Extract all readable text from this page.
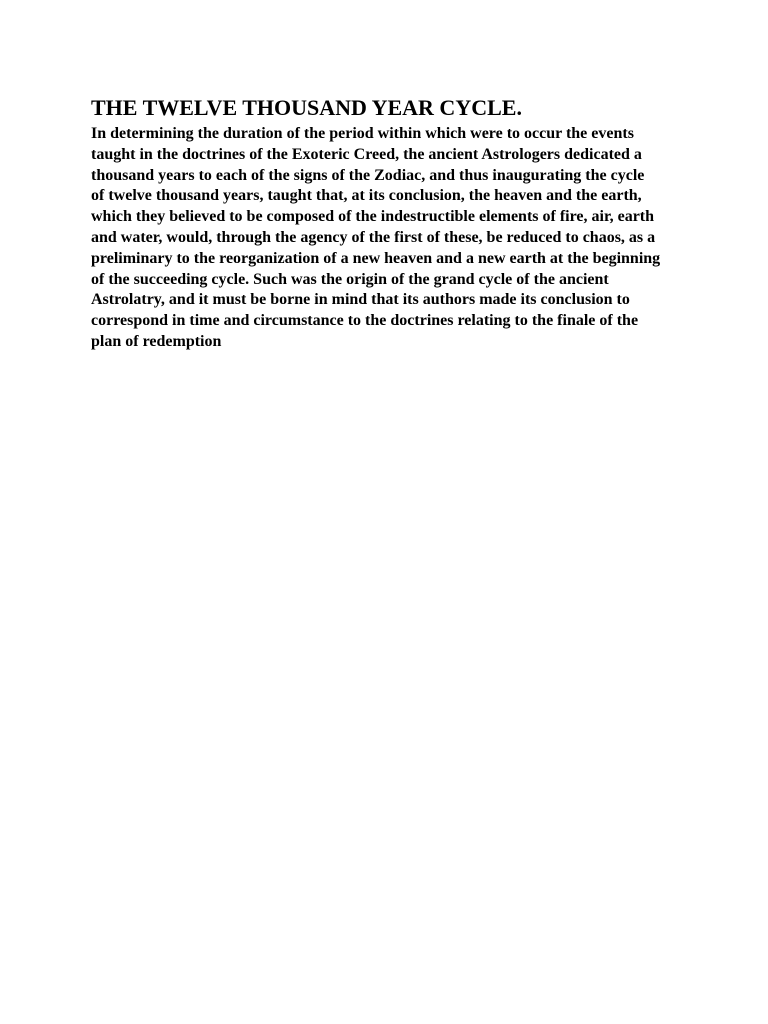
THE TWELVE THOUSAND YEAR CYCLE.

In determining the duration of the period within which were to occur the events
taught in the doctrines of the Exoteric Creed, the ancient Astrologers dedicated a
thousand years to each of the signs of the Zodiac, and thus inaugurating the cycle
of twelve thousand years, taught that, at its conclusion, the heaven and the earth,
which they believed to be composed of the indestructible elements of fire, air, earth
and water, would, through the agency of the first of these, be reduced to chaos, as a
preliminary to the reorganization of a new heaven and a new earth at the beginning
of the succeeding cycle. Such was the origin of the grand cycle of the ancient
Astrolatry, and it must be borne in mind that its authors made its conclusion to
correspond in time and circumstance to the doctrines relating to the finale of the
plan of redemption
